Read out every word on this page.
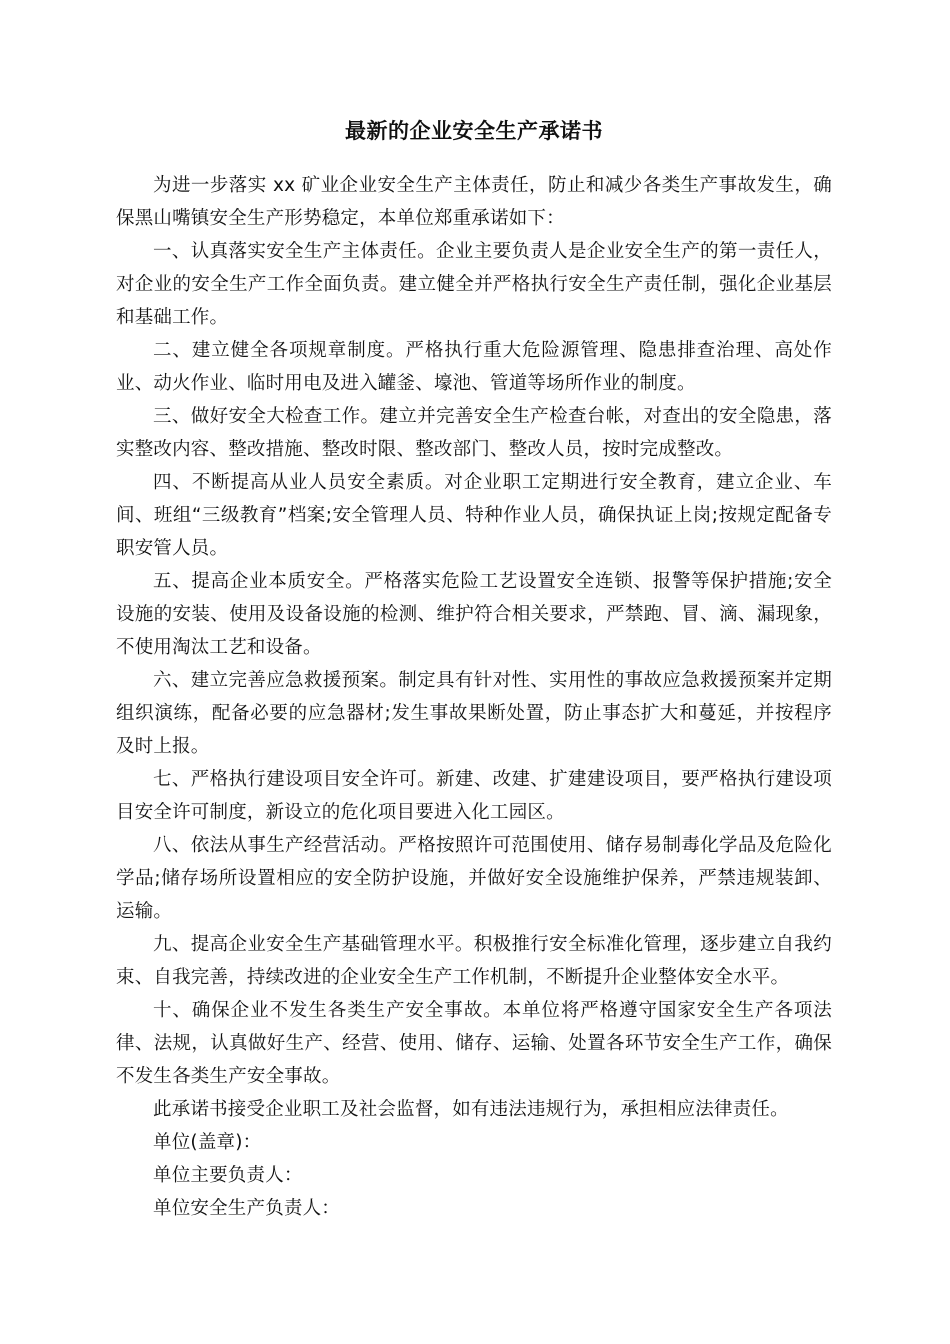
最新的企业安全生产承诺书

为进一步落实 xx 矿业企业安全生产主体责任，防止和减少各类生产事故发生，确保黑山嘴镇安全生产形势稳定，本单位郑重承诺如下：

一、认真落实安全生产主体责任。企业主要负责人是企业安全生产的第一责任人，对企业的安全生产工作全面负责。建立健全并严格执行安全生产责任制，强化企业基层和基础工作。

二、建立健全各项规章制度。严格执行重大危险源管理、隐患排查治理、高处作业、动火作业、临时用电及进入罐釜、壕池、管道等场所作业的制度。

三、做好安全大检查工作。建立并完善安全生产检查台帐，对查出的安全隐患，落实整改内容、整改措施、整改时限、整改部门、整改人员，按时完成整改。

四、不断提高从业人员安全素质。对企业职工定期进行安全教育，建立企业、车间、班组“三级教育”档案;安全管理人员、特种作业人员，确保执证上岗;按规定配备专职安管人员。

五、提高企业本质安全。严格落实危险工艺设置安全连锁、报警等保护措施;安全设施的安装、使用及设备设施的检测、维护符合相关要求，严禁跑、冒、滴、漏现象，不使用淘汰工艺和设备。

六、建立完善应急救援预案。制定具有针对性、实用性的事故应急救援预案并定期组织演练，配备必要的应急器材;发生事故果断处置，防止事态扩大和蔓延，并按程序及时上报。

七、严格执行建设项目安全许可。新建、改建、扩建建设项目，要严格执行建设项目安全许可制度，新设立的危化项目要进入化工园区。

八、依法从事生产经营活动。严格按照许可范围使用、储存易制毒化学品及危险化学品;储存场所设置相应的安全防护设施，并做好安全设施维护保养，严禁违规装卸、运输。

九、提高企业安全生产基础管理水平。积极推行安全标准化管理，逐步建立自我约束、自我完善，持续改进的企业安全生产工作机制，不断提升企业整体安全水平。

十、确保企业不发生各类生产安全事故。本单位将严格遵守国家安全生产各项法律、法规，认真做好生产、经营、使用、储存、运输、处置各环节安全生产工作，确保不发生各类生产安全事故。

此承诺书接受企业职工及社会监督，如有违法违规行为，承担相应法律责任。

单位(盖章)：

单位主要负责人：

单位安全生产负责人：
